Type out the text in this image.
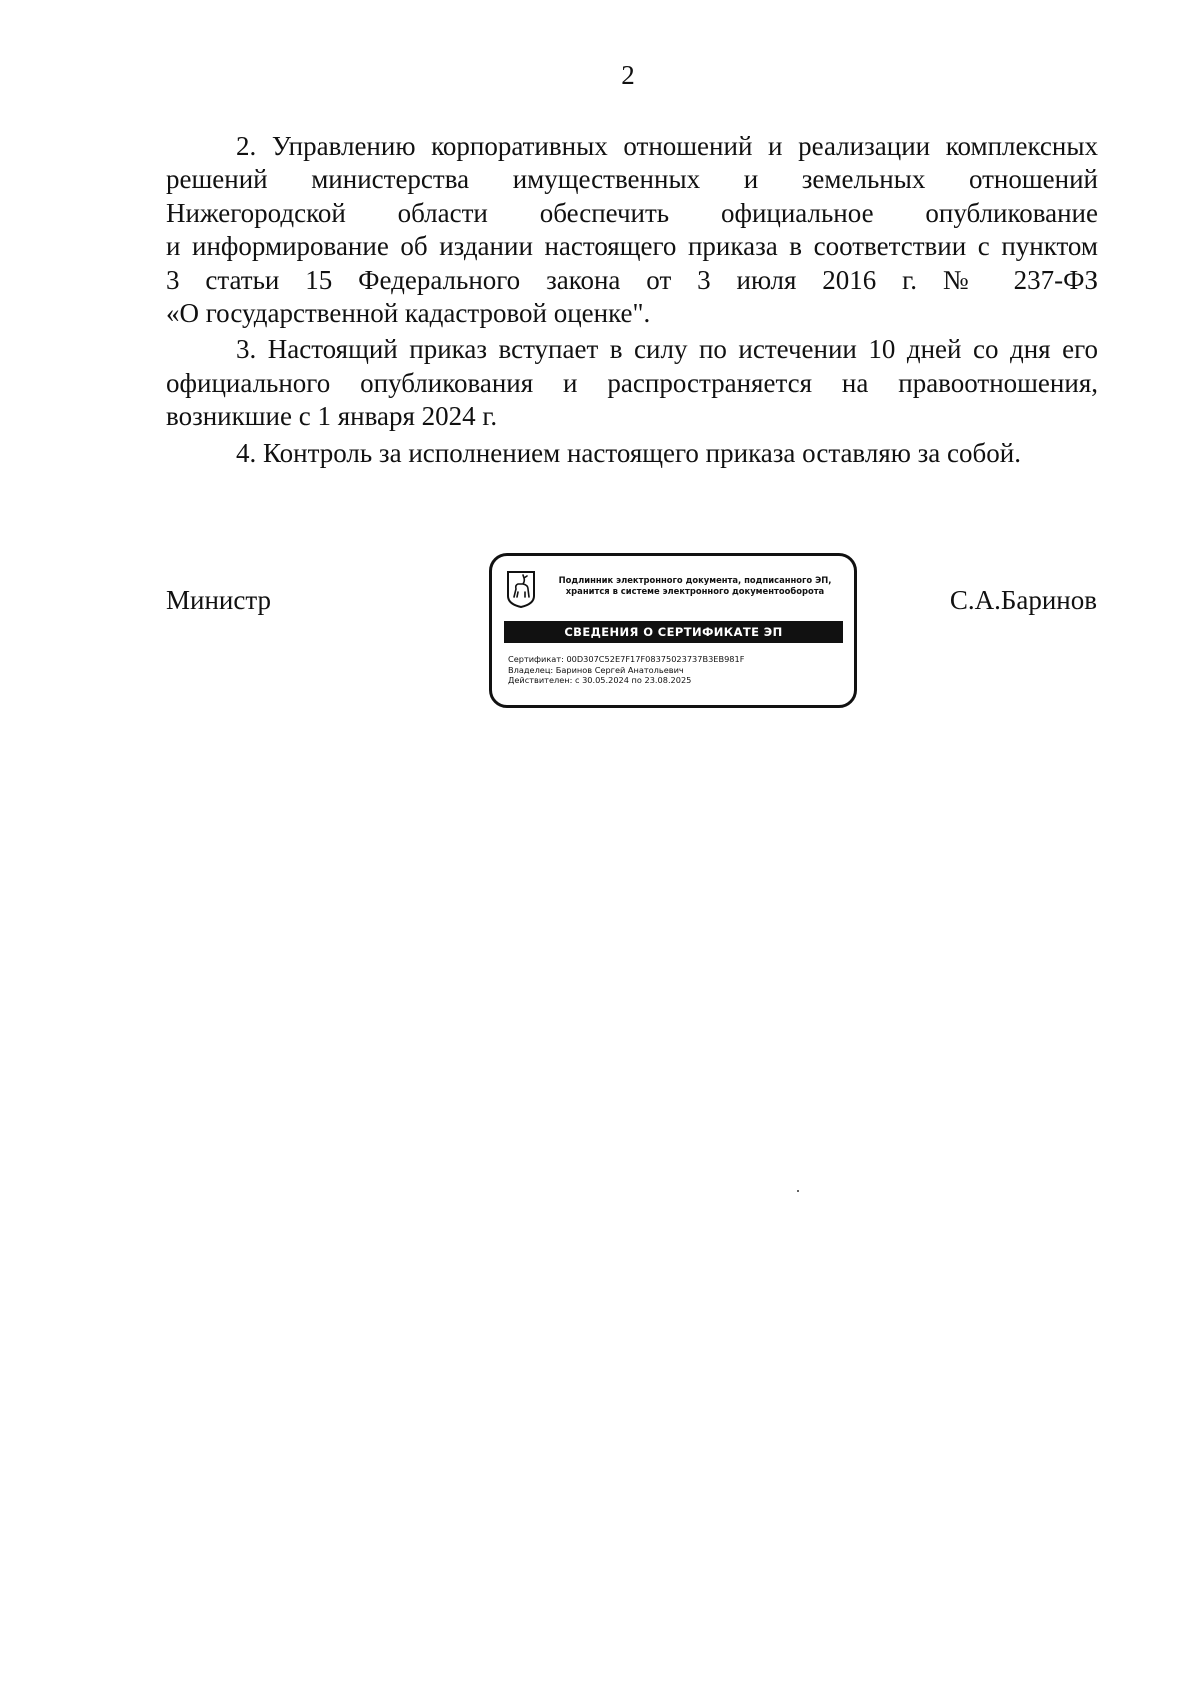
2

2. Управлению корпоративных отношений и реализации комплексных
решений министерства имущественных и земельных отношений
Нижегородской области обеспечить официальное опубликование
и информирование об издании настоящего приказа в соответствии с пунктом
3 статьи 15 Федерального закона от 3 июля 2016 г. № 237-ФЗ
«О государственной кадастровой оценке".

3. Настоящий приказ вступает в силу по истечении 10 дней со дня его
официального опубликования и распространяется на правоотношения,
возникшие с 1 января 2024 г.

4. Контроль за исполнением настоящего приказа оставляю за собой.

Министр
Подлинник электронного документа, подписанного ЭП,
хранится в системе электронного документооборота
СВЕДЕНИЯ О СЕРТИФИКАТЕ ЭП
Сертификат: 00D307C52E7F17F08375023737B3EB981F
Владелец: Баринов Сергей Анатольевич
Действителен: с 30.05.2024 по 23.08.2025
С.А.Баринов
